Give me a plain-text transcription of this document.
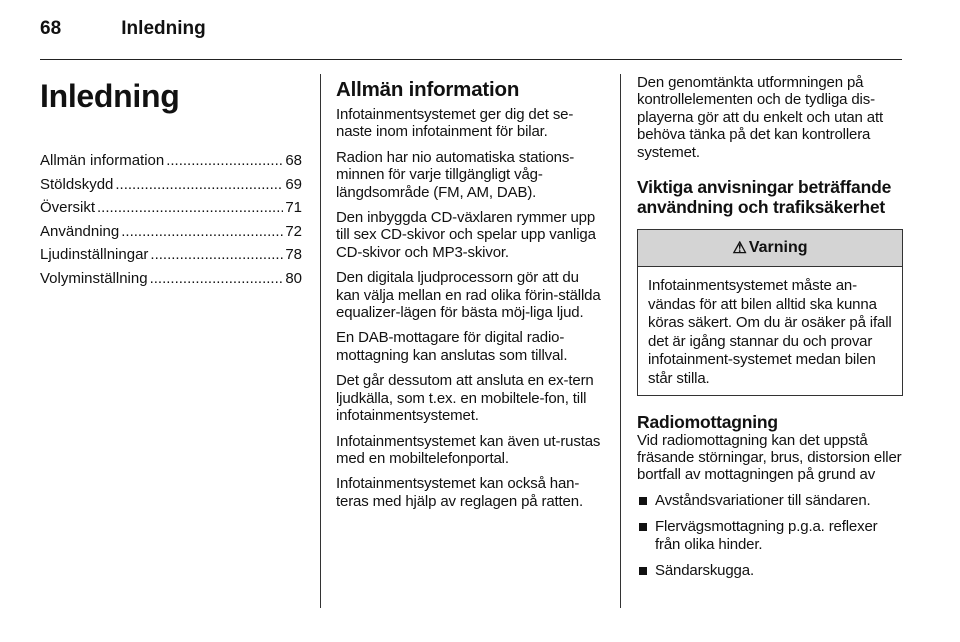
68	Inledning
Inledning
Allmän information .....	68
Stöldskydd .....	69
Översikt .....	71
Användning .....	72
Ljudinställningar .....	78
Volyminställning .....	80
Allmän information

Infotainmentsystemet ger dig det se-naste inom infotainment för bilar.

Radion har nio automatiska stations-minnen för varje tillgängligt våg-längdsområde (FM, AM, DAB).

Den inbyggda CD-växlaren rymmer upp till sex CD-skivor och spelar upp vanliga CD-skivor och MP3-skivor.

Den digitala ljudprocessorn gör att du kan välja mellan en rad olika förin-ställda equalizer-lägen för bästa möj-liga ljud.

En DAB-mottagare för digital radio-mottagning kan anslutas som tillval.

Det går dessutom att ansluta en ex-tern ljudkälla, som t.ex. en mobiltele-fon, till infotainmentsystemet.

Infotainmentsystemet kan även ut-rustas med en mobiltelefonportal.

Infotainmentsystemet kan också han-teras med hjälp av reglagen på ratten.

Den genomtänkta utformningen på kontrollelementen och de tydliga dis-playerna gör att du enkelt och utan att behöva tänka på det kan kontrollera systemet.

Viktiga anvisningar beträffande användning och trafiksäkerhet
⚠ Varning

Infotainmentsystemet måste an-vändas för att bilen alltid ska kunna köras säkert. Om du är osäker på ifall det är igång stannar du och provar infotainment-systemet medan bilen står stilla.

Radiomottagning

Vid radiomottagning kan det uppstå fräsande störningar, brus, distorsion eller bortfall av mottagningen på grund av

Avståndsvariationer till sändaren.
Flervägsmottagning p.g.a. reflexer från olika hinder.
Sändarskugga.
